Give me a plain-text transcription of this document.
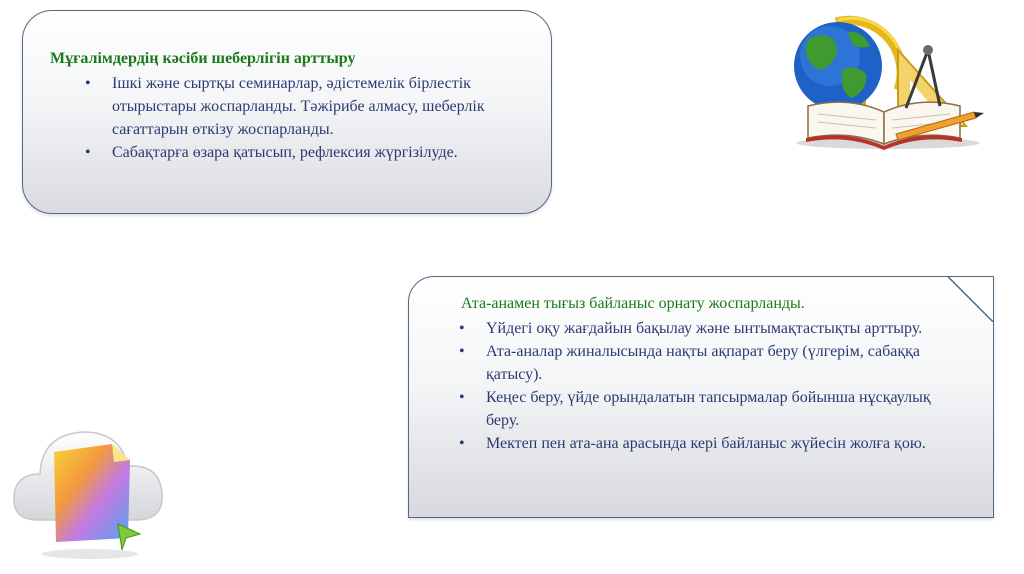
Мұғалімдердің кәсіби шеберлігін арттыру
• Ішкі және сыртқы семинарлар, әдістемелік бірлестік отырыстары жоспарланды. Тәжірибе алмасу, шеберлік сағаттарын өткізу жоспарланды.
• Сабақтарға өзара қатысып, рефлексия жүргізілуде.
Ата-анамен тығыз байланыс орнату жоспарланды.
• Үйдегі оқу жағдайын бақылау және ынтымақтастықты арттыру.
• Ата-аналар жиналысында нақты ақпарат беру (үлгерім, сабаққа қатысу).
• Кеңес беру, үйде орындалатын тапсырмалар бойынша нұсқаулық беру.
• Мектеп пен ата-ана арасында кері байланыс жүйесін жолға қою.
